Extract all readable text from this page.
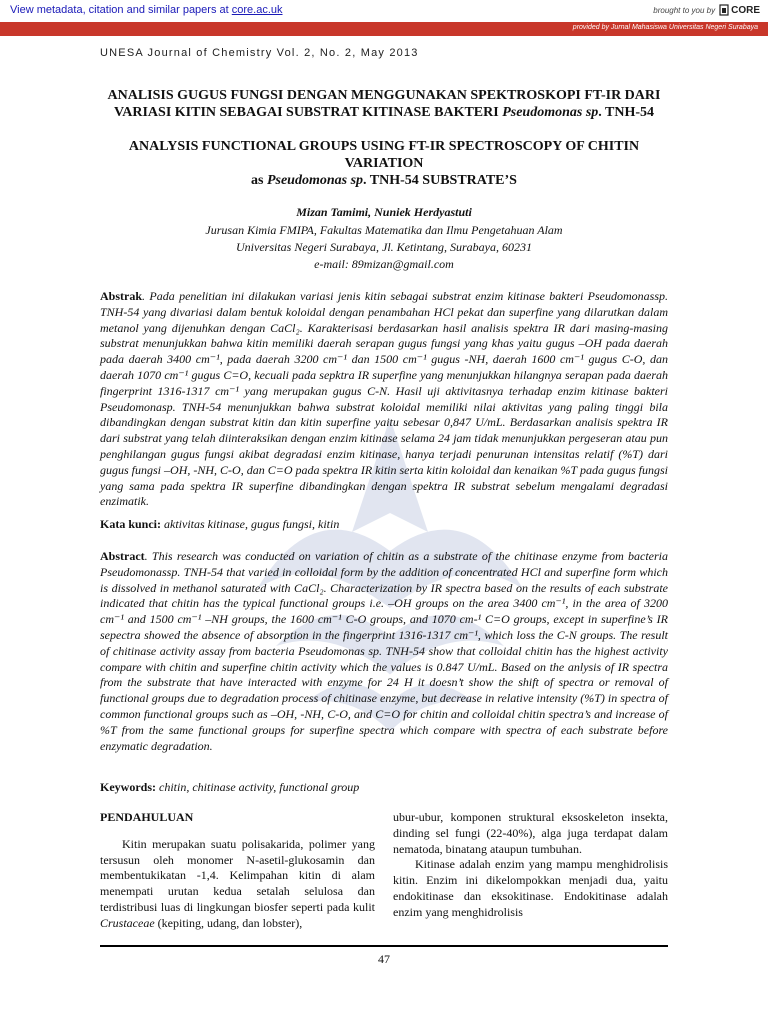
View metadata, citation and similar papers at core.ac.uk	brought to you by CORE
provided by Jurnal Mahasiswa Universitas Negeri Surabaya
UNESA Journal of Chemistry Vol. 2, No. 2, May 2013
ANALISIS GUGUS FUNGSI DENGAN MENGGUNAKAN SPEKTROSKOPI FT-IR DARI VARIASI KITIN SEBAGAI SUBSTRAT KITINASE BAKTERI Pseudomonas sp. TNH-54
ANALYSIS FUNCTIONAL GROUPS USING FT-IR SPECTROSCOPY OF CHITIN VARIATION
as Pseudomonas sp. TNH-54 SUBSTRATE’S
Mizan Tamimi, Nuniek Herdyastuti
Jurusan Kimia FMIPA, Fakultas Matematika dan Ilmu Pengetahuan Alam
Universitas Negeri Surabaya, Jl. Ketintang, Surabaya, 60231
e-mail: 89mizan@gmail.com
Abstrak. Pada penelitian ini dilakukan variasi jenis kitin sebagai substrat enzim kitinase bakteri Pseudomonassp. TNH-54 yang divariasi dalam bentuk koloidal dengan penambahan HCl pekat dan superfine yang dilarutkan dalam metanol yang dijenuhkan dengan CaCl₂. Karakterisasi berdasarkan hasil analisis spektra IR dari masing-masing substrat menunjukkan bahwa kitin memiliki daerah serapan gugus fungsi yang khas yaitu gugus –OH pada daerah pada daerah 3400 cm⁻¹, pada daerah 3200 cm⁻¹ dan 1500 cm⁻¹ gugus -NH, daerah 1600 cm⁻¹ gugus C-O, dan daerah 1070 cm⁻¹ gugus C=O, kecuali pada sepktra IR superfine yang menunjukkan hilangnya serapan pada daerah fingerprint 1316-1317 cm⁻¹ yang merupakan gugus C-N. Hasil uji aktivitasnya terhadap enzim kitinase bakteri Pseudomonasp. TNH-54 menunjukkan bahwa substrat koloidal memiliki nilai aktivitas yang paling tinggi bila dibandingkan dengan substrat kitin dan kitin superfine yaitu sebesar 0,847 U/mL. Berdasarkan analisis spektra IR dari substrat yang telah diinteraksikan dengan enzim kitinase selama 24 jam tidak menunjukkan pergeseran atau pun penghilangan gugus fungsi akibat degradasi enzim kitinase, hanya terjadi penurunan intensitas relatif (%T) dari gugus fungsi –OH, -NH, C-O, dan C=O pada spektra IR kitin serta kitin koloidal dan kenaikan %T pada gugus fungsi yang sama pada spektra IR superfine dibandingkan dengan spektra IR substrat sebelum mengalami degradasi enzimatik.
Kata kunci: aktivitas kitinase, gugus fungsi, kitin
Abstract. This research was conducted on variation of chitin as a substrate of the chitinase enzyme from bacteria Pseudomonassp. TNH-54 that varied in colloidal form by the addition of concentrated HCl and superfine form which is dissolved in methanol saturated with CaCl₂. Characterization by IR spectra based on the results of each substrate indicated that chitin has the typical functional groups i.e. –OH groups on the area 3400 cm⁻¹, in the area of 3200 cm⁻¹ and 1500 cm⁻¹ –NH groups, the 1600 cm⁻¹ C-O groups, and 1070 cm-¹ C=O groups, except in superfine’s IR sepectra showed the absence of absorption in the fingerprint 1316-1317 cm⁻¹, which loss the C-N groups. The result of chitinase activity assay from bacteria Pseudomonas sp. TNH-54 show that colloidal chitin has the highest activity compare with chitin and superfine chitin activity which the values is 0.847 U/mL. Based on the anlysis of IR spectra from the substrate that have interacted with enzyme for 24 H it doesn’t show the shift of spectra or removal of functional groups due to degradation process of chitinase enzyme, but decrease in relative intensity (%T) in spectra of common functional groups such as –OH, -NH, C-O, and C=O for chitin and colloidal chitin spectra’s and increase of %T from the same functional groups for superfine spectra which compare with spectra of each substrate before enzymatic degradation.
Keywords: chitin, chitinase activity, functional group
PENDAHULUAN

Kitin merupakan suatu polisakarida, polimer yang tersusun oleh monomer N-asetil-glukosamin dan membentukikatan -1,4. Kelimpahan kitin di alam menempati urutan kedua setalah selulosa dan terdistribusi luas di lingkungan biosfer seperti pada kulit Crustaceae (kepiting, udang, dan lobster),

ubur-ubur, komponen struktural eksoskeleton insekta, dinding sel fungi (22-40%), alga juga terdapat dalam nematoda, binatang ataupun tumbuhan.

Kitinase adalah enzim yang mampu menghidrolisis kitin. Enzim ini dikelompokkan menjadi dua, yaitu endokitinase dan eksokitinase. Endokitinase adalah enzim yang menghidrolisis

47
